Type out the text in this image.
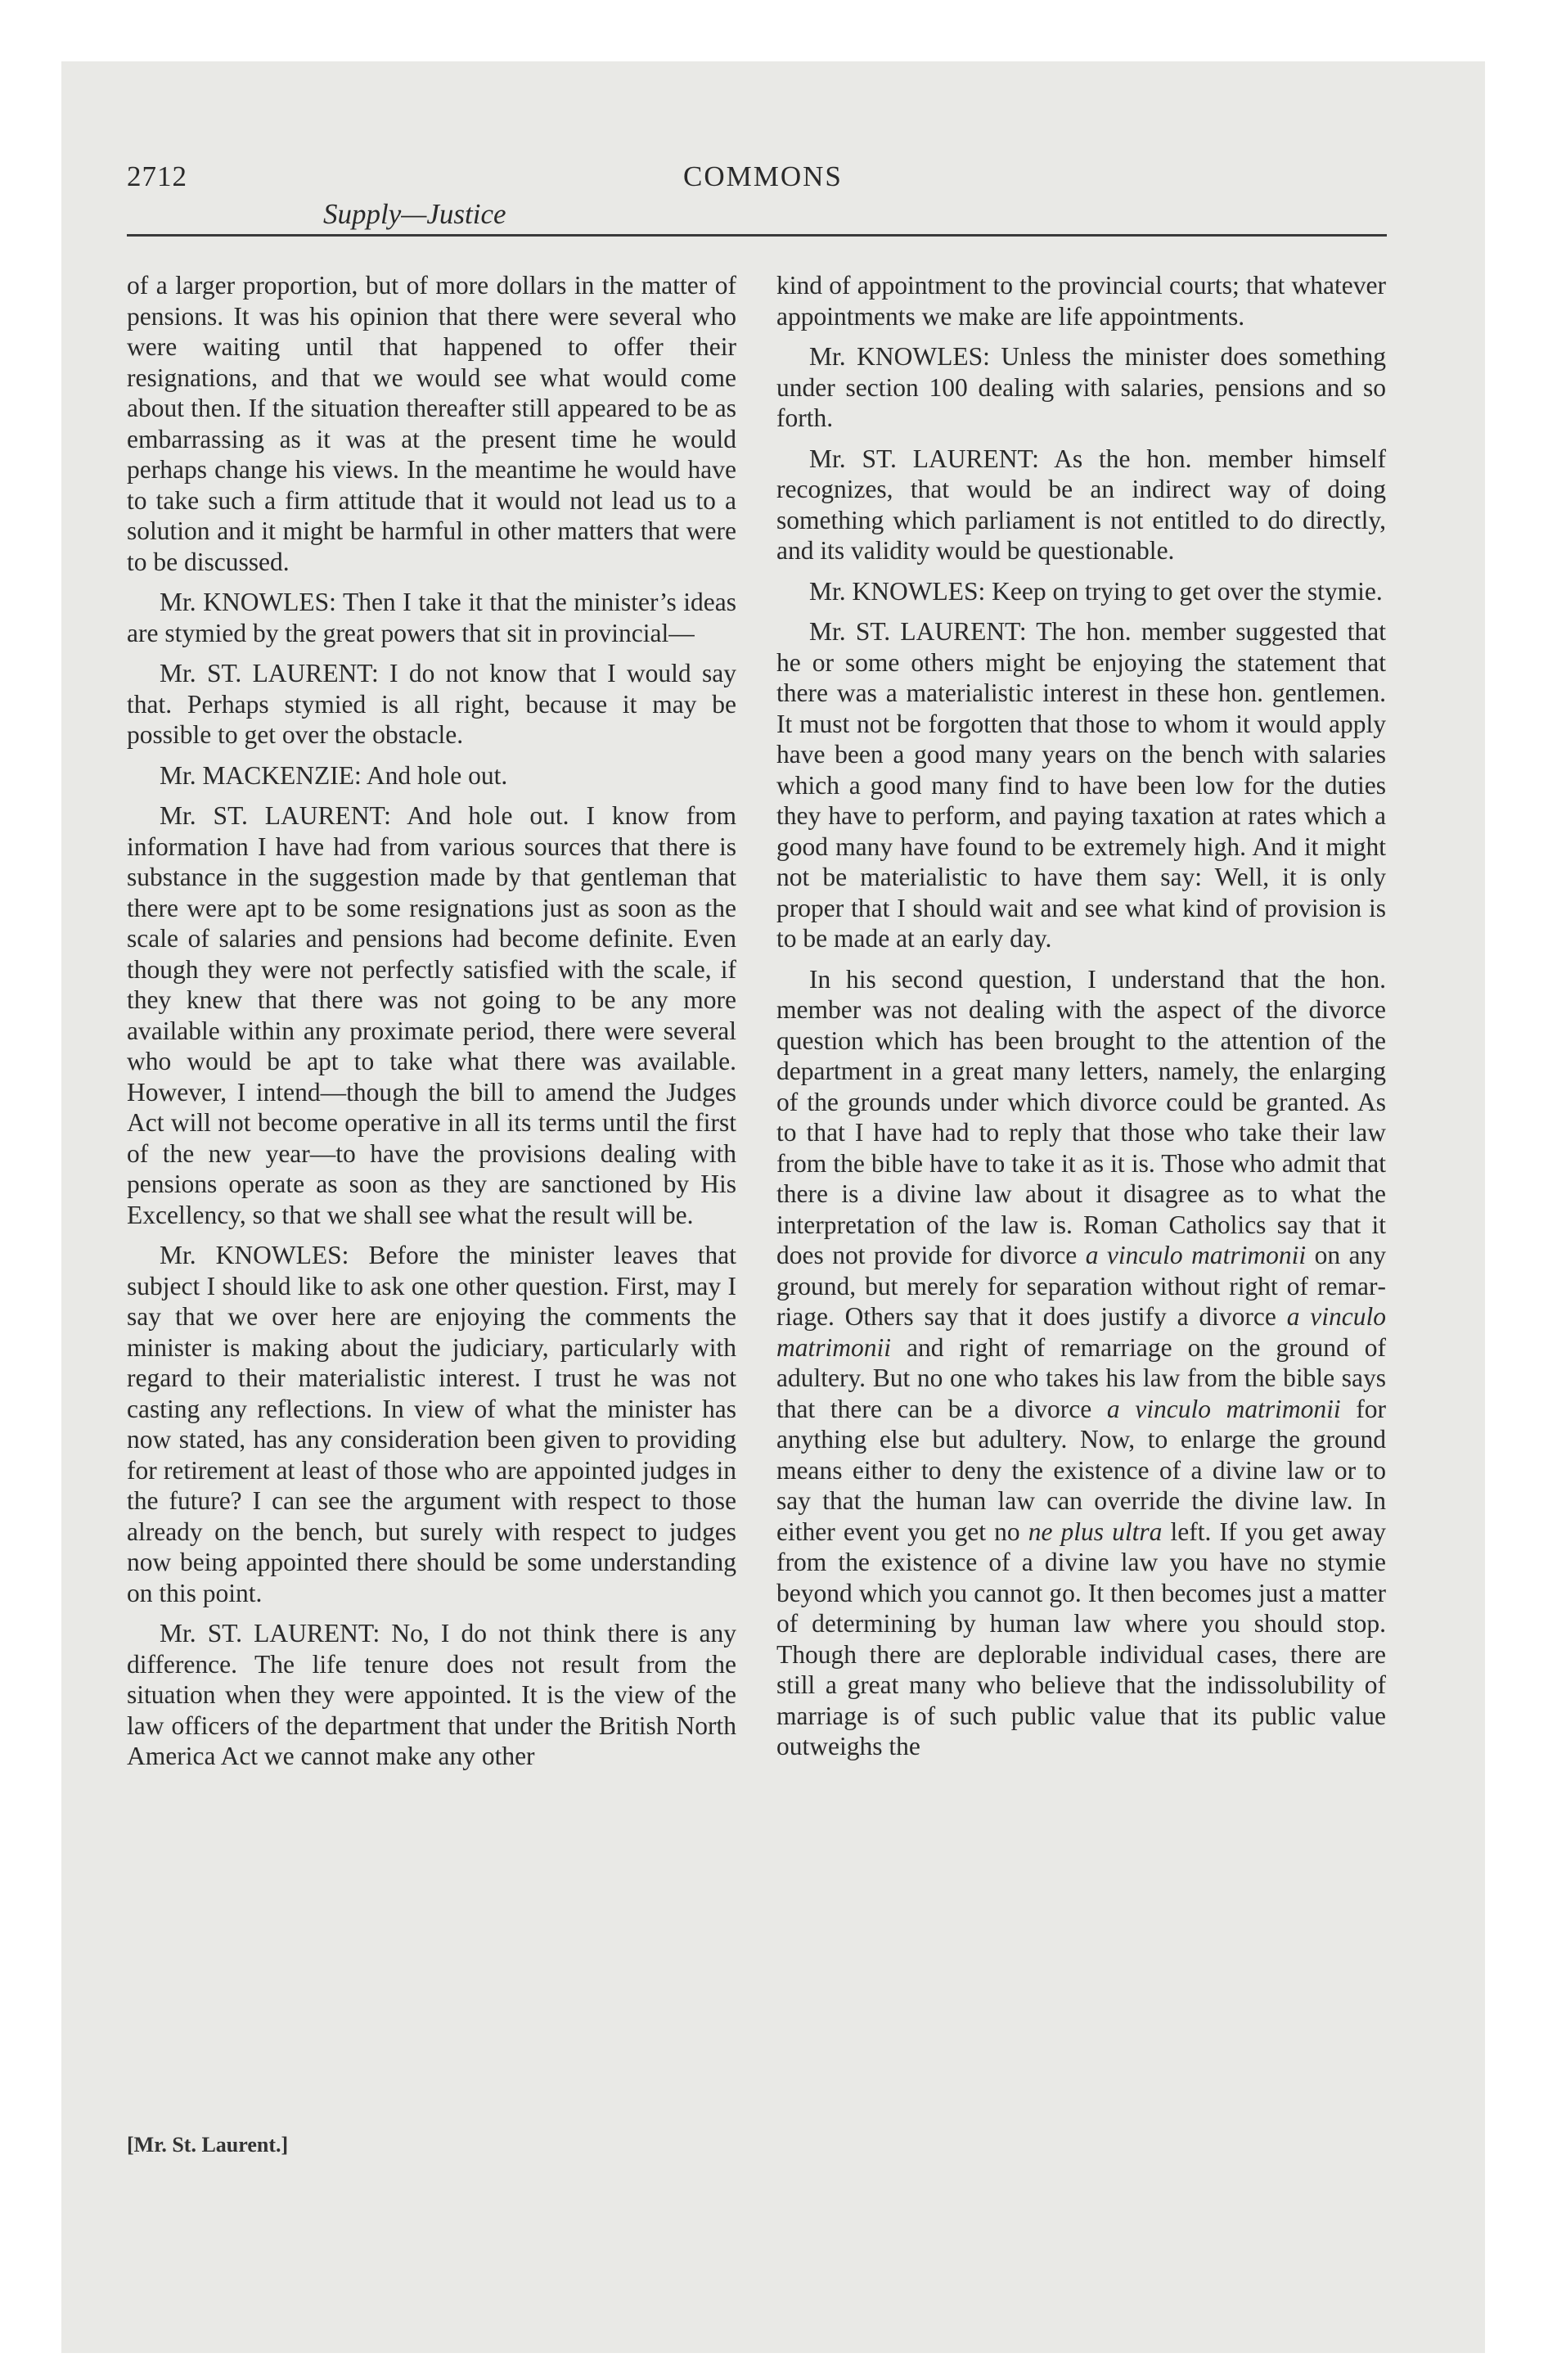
2712	COMMONS
Supply—Justice

of a larger proportion, but of more dollars in the matter of pensions. It was his opinion that there were several who were waiting until that happened to offer their resignations, and that we would see what would come about then. If the situation thereafter still appeared to be as embarrassing as it was at the present time he would perhaps change his views. In the meantime he would have to take such a firm attitude that it would not lead us to a solution and it might be harmful in other matters that were to be discussed.

Mr. KNOWLES: Then I take it that the minister’s ideas are stymied by the great powers that sit in provincial—

Mr. ST. LAURENT: I do not know that I would say that. Perhaps stymied is all right, because it may be possible to get over the obstacle.

Mr. MACKENZIE: And hole out.

Mr. ST. LAURENT: And hole out. I know from information I have had from various sources that there is substance in the suggestion made by that gentleman that there were apt to be some resignations just as soon as the scale of salaries and pensions had become definite. Even though they were not perfectly satisfied with the scale, if they knew that there was not going to be any more available within any proximate period, there were several who would be apt to take what there was available. However, I intend—though the bill to amend the Judges Act will not become operative in all its terms until the first of the new year—to have the provisions dealing with pensions operate as soon as they are sanctioned by His Excellency, so that we shall see what the result will be.

Mr. KNOWLES: Before the minister leaves that subject I should like to ask one other question. First, may I say that we over here are enjoying the comments the minister is making about the judiciary, particularly with regard to their materialistic interest. I trust he was not casting any reflections. In view of what the minister has now stated, has any consideration been given to providing for retirement at least of those who are appointed judges in the future? I can see the argument with respect to those already on the bench, but surely with respect to judges now being appointed there should be some understanding on this point.

Mr. ST. LAURENT: No, I do not think there is any difference. The life tenure does not result from the situation when they were appointed. It is the view of the law officers of the department that under the British North America Act we cannot make any other

kind of appointment to the provincial courts; that whatever appointments we make are life appointments.

Mr. KNOWLES: Unless the minister does something under section 100 dealing with salaries, pensions and so forth.

Mr. ST. LAURENT: As the hon. member himself recognizes, that would be an indirect way of doing something which parliament is not entitled to do directly, and its validity would be questionable.

Mr. KNOWLES: Keep on trying to get over the stymie.

Mr. ST. LAURENT: The hon. member suggested that he or some others might be enjoying the statement that there was a materialistic interest in these hon. gentlemen. It must not be forgotten that those to whom it would apply have been a good many years on the bench with salaries which a good many find to have been low for the duties they have to perform, and paying taxation at rates which a good many have found to be extremely high. And it might not be materialistic to have them say: Well, it is only proper that I should wait and see what kind of provision is to be made at an early day.

In his second question, I understand that the hon. member was not dealing with the aspect of the divorce question which has been brought to the attention of the department in a great many letters, namely, the enlarging of the grounds under which divorce could be granted. As to that I have had to reply that those who take their law from the bible have to take it as it is. Those who admit that there is a divine law about it disagree as to what the interpretation of the law is. Roman Catholics say that it does not provide for divorce a vinculo matrimonii on any ground, but merely for separation without right of remarriage. Others say that it does justify a divorce a vinculo matrimonii and right of remarriage on the ground of adultery. But no one who takes his law from the bible says that there can be a divorce a vinculo matrimonii for anything else but adultery. Now, to enlarge the ground means either to deny the existence of a divine law or to say that the human law can override the divine law. In either event you get no ne plus ultra left. If you get away from the existence of a divine law you have no stymie beyond which you cannot go. It then becomes just a matter of determining by human law where you should stop. Though there are deplorable individual cases, there are still a great many who believe that the indissolubility of marriage is of such public value that its public value outweighs the

[Mr. St. Laurent.]
